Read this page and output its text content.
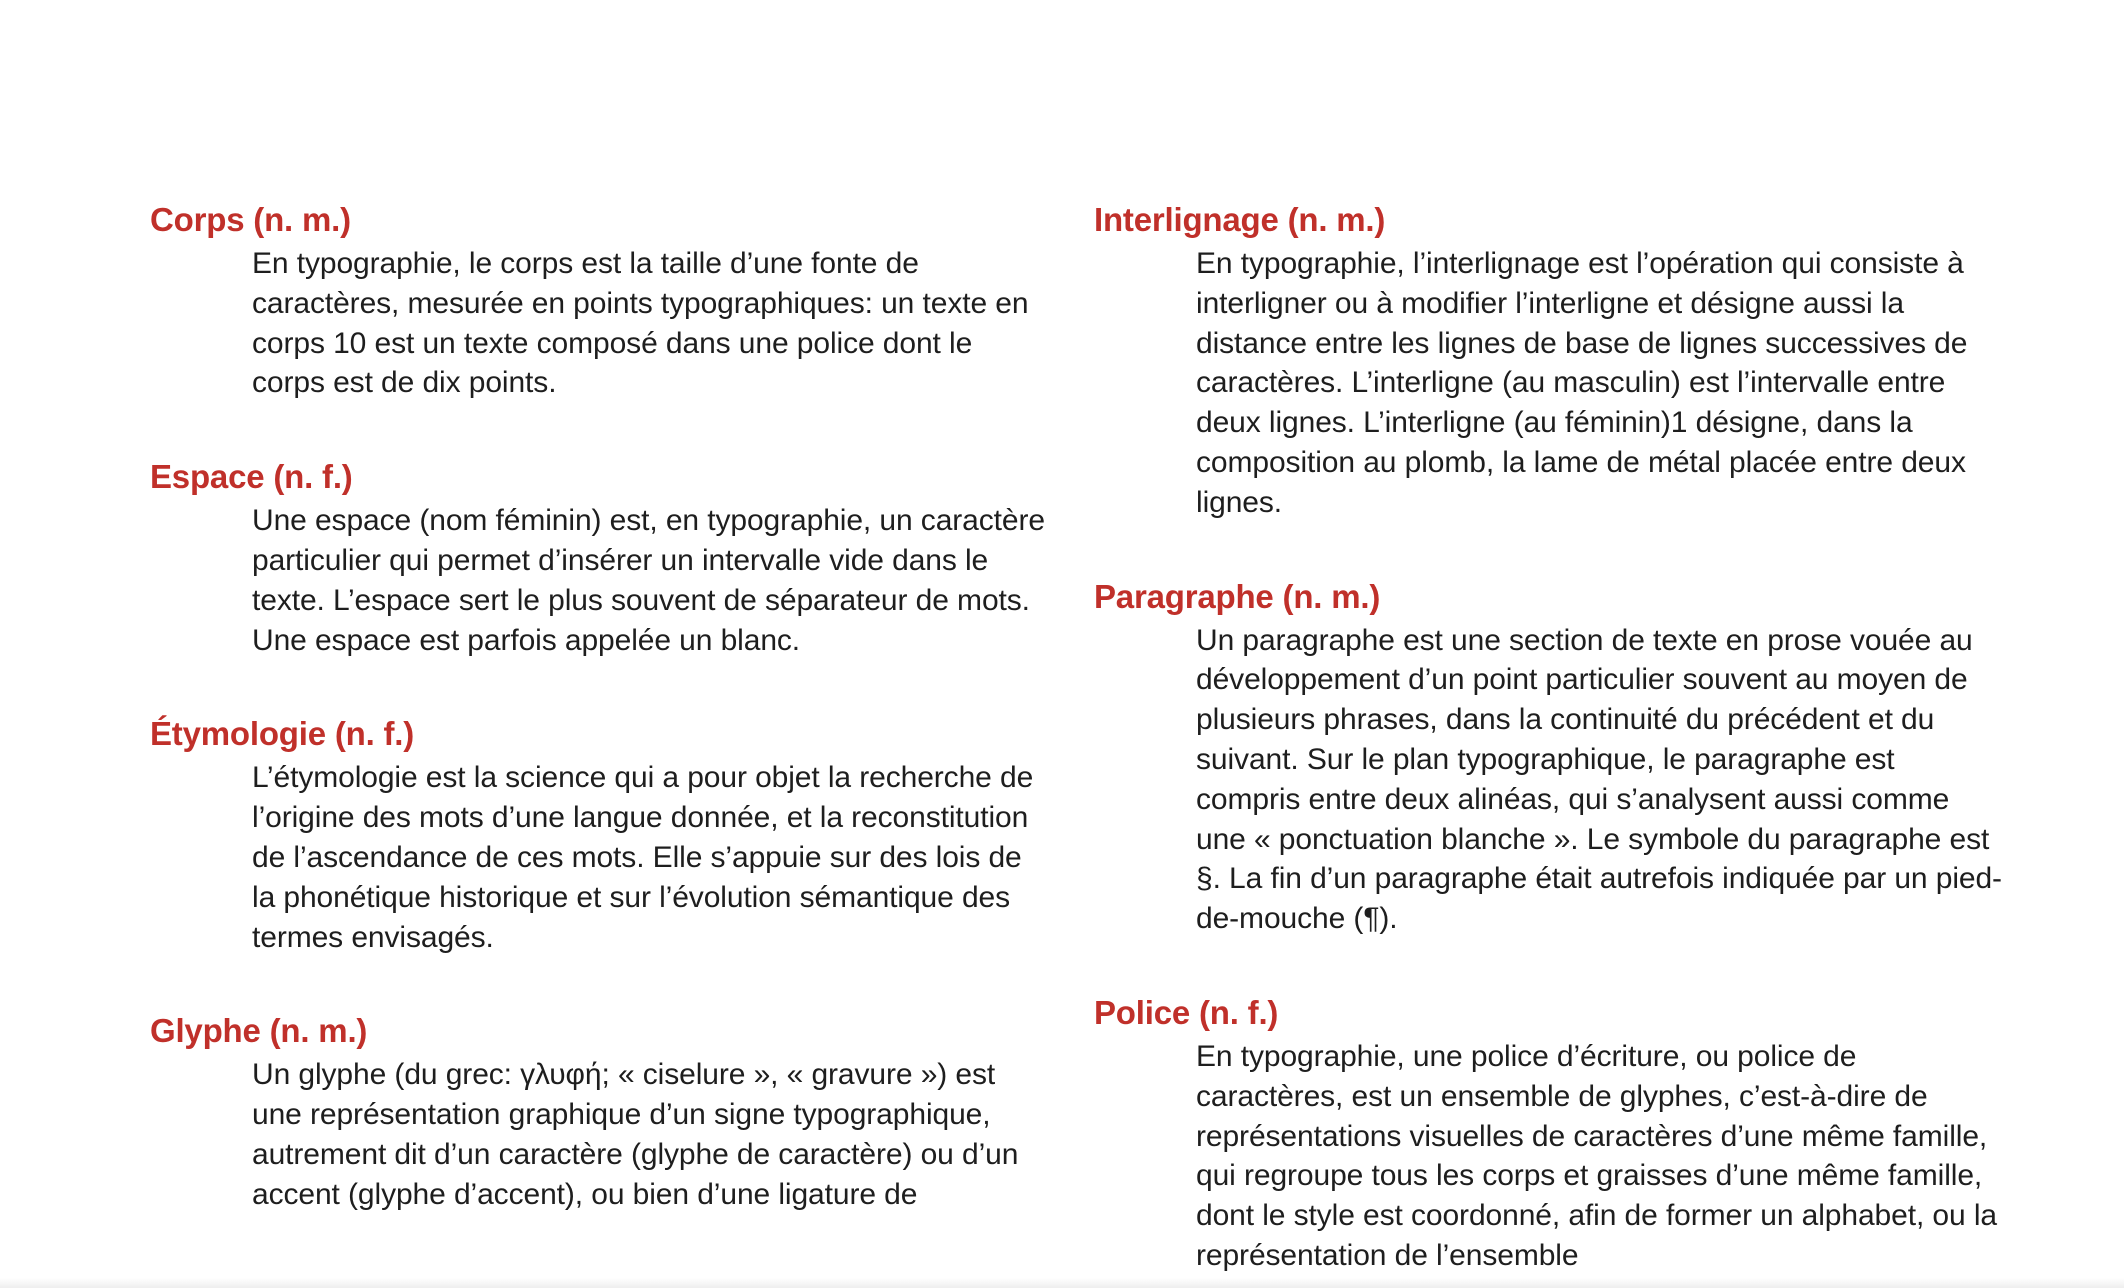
Corps (n. m.)

En typographie, le corps est la taille d’une fonte de caractères, mesurée en points typographiques: un texte en corps 10 est un texte composé dans une police dont le corps est de dix points.

Espace (n. f.)

Une espace (nom féminin) est, en typographie, un caractère particulier qui permet d’insérer un intervalle vide dans le texte. L’espace sert le plus souvent de séparateur de mots. Une espace est parfois appelée un blanc.

Étymologie (n. f.)

L’étymologie est la science qui a pour objet la recherche de l’origine des mots d’une langue donnée, et la reconstitution de l’ascendance de ces mots. Elle s’appuie sur des lois de la phonétique historique et sur l’évolution sémantique des termes envisagés.

Glyphe (n. m.)

Un glyphe (du grec: γλυφή; « ciselure », « gravure ») est une représentation graphique d’un signe typographique, autrement dit d’un caractère (glyphe de caractère) ou d’un accent (glyphe d’accent), ou bien d’une ligature de

Interlignage (n. m.)

En typographie, l’interlignage est l’opération qui consiste à interligner ou à modifier l’interligne et désigne aussi la distance entre les lignes de base de lignes successives de caractères. L’interligne (au masculin) est l’intervalle entre deux lignes. L’interligne (au féminin)1 désigne, dans la composition au plomb, la lame de métal placée entre deux lignes.

Paragraphe (n. m.)

Un paragraphe est une section de texte en prose vouée au développement d’un point particulier souvent au moyen de plusieurs phrases, dans la continuité du précédent et du suivant. Sur le plan typographique, le paragraphe est compris entre deux alinéas, qui s’analysent aussi comme une « ponctuation blanche ». Le symbole du paragraphe est §. La fin d’un paragraphe était autrefois indiquée par un pied-de-mouche (¶).

Police (n. f.)

En typographie, une police d’écriture, ou police de caractères, est un ensemble de glyphes, c’est-à-dire de représentations visuelles de caractères d’une même famille, qui regroupe tous les corps et graisses d’une même famille, dont le style est coordonné, afin de former un alphabet, ou la représentation de l’ensemble
